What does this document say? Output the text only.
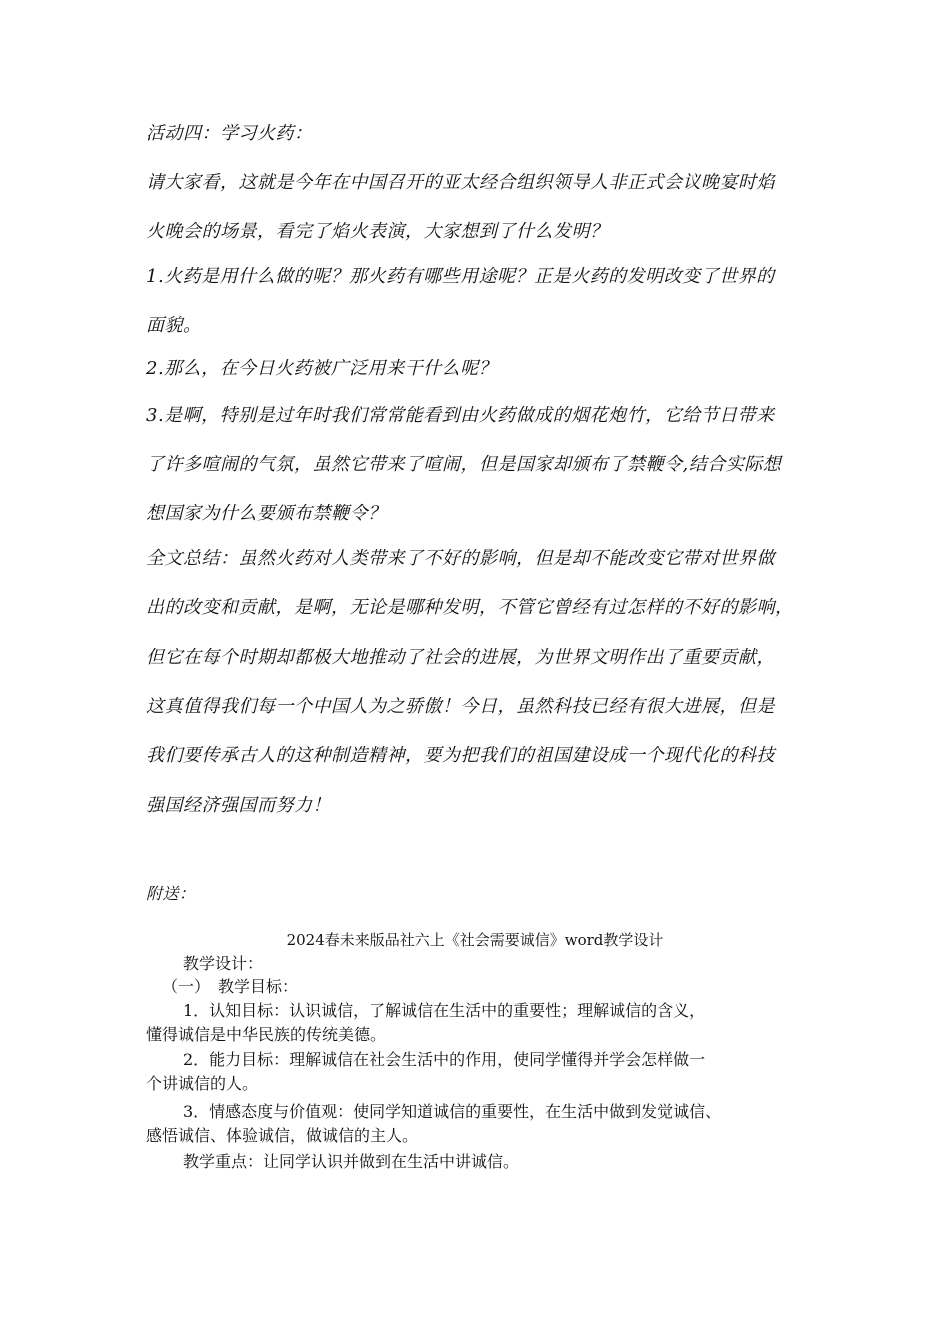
活动四：学习火药：
请大家看，这就是今年在中国召开的亚太经合组织领导人非正式会议晚宴时焰
火晚会的场景，看完了焰火表演，大家想到了什么发明？
1.火药是用什么做的呢？那火药有哪些用途呢？正是火药的发明改变了世界的
面貌。
2.那么，在今日火药被广泛用来干什么呢？
3.是啊，特别是过年时我们常常能看到由火药做成的烟花炮竹，它给节日带来
了许多喧闹的气氛，虽然它带来了喧闹，但是国家却颁布了禁鞭令,结合实际想
想国家为什么要颁布禁鞭令？
全文总结：虽然火药对人类带来了不好的影响，但是却不能改变它带对世界做
出的改变和贡献，是啊，无论是哪种发明，不管它曾经有过怎样的不好的影响，
但它在每个时期却都极大地推动了社会的进展，为世界文明作出了重要贡献，
这真值得我们每一个中国人为之骄傲！今日，虽然科技已经有很大进展，但是
我们要传承古人的这种制造精神，要为把我们的祖国建设成一个现代化的科技
强国经济强国而努力！
附送：
2024春未来版品社六上《社会需要诚信》word教学设计
教学设计：
（一）　教学目标：
1．认知目标：认识诚信，了解诚信在生活中的重要性；理解诚信的含义，
懂得诚信是中华民族的传统美德。
2．能力目标：理解诚信在社会生活中的作用，使同学懂得并学会怎样做一
个讲诚信的人。
3．情感态度与价值观：使同学知道诚信的重要性，在生活中做到发觉诚信、
感悟诚信、体验诚信，做诚信的主人。
教学重点：让同学认识并做到在生活中讲诚信。
